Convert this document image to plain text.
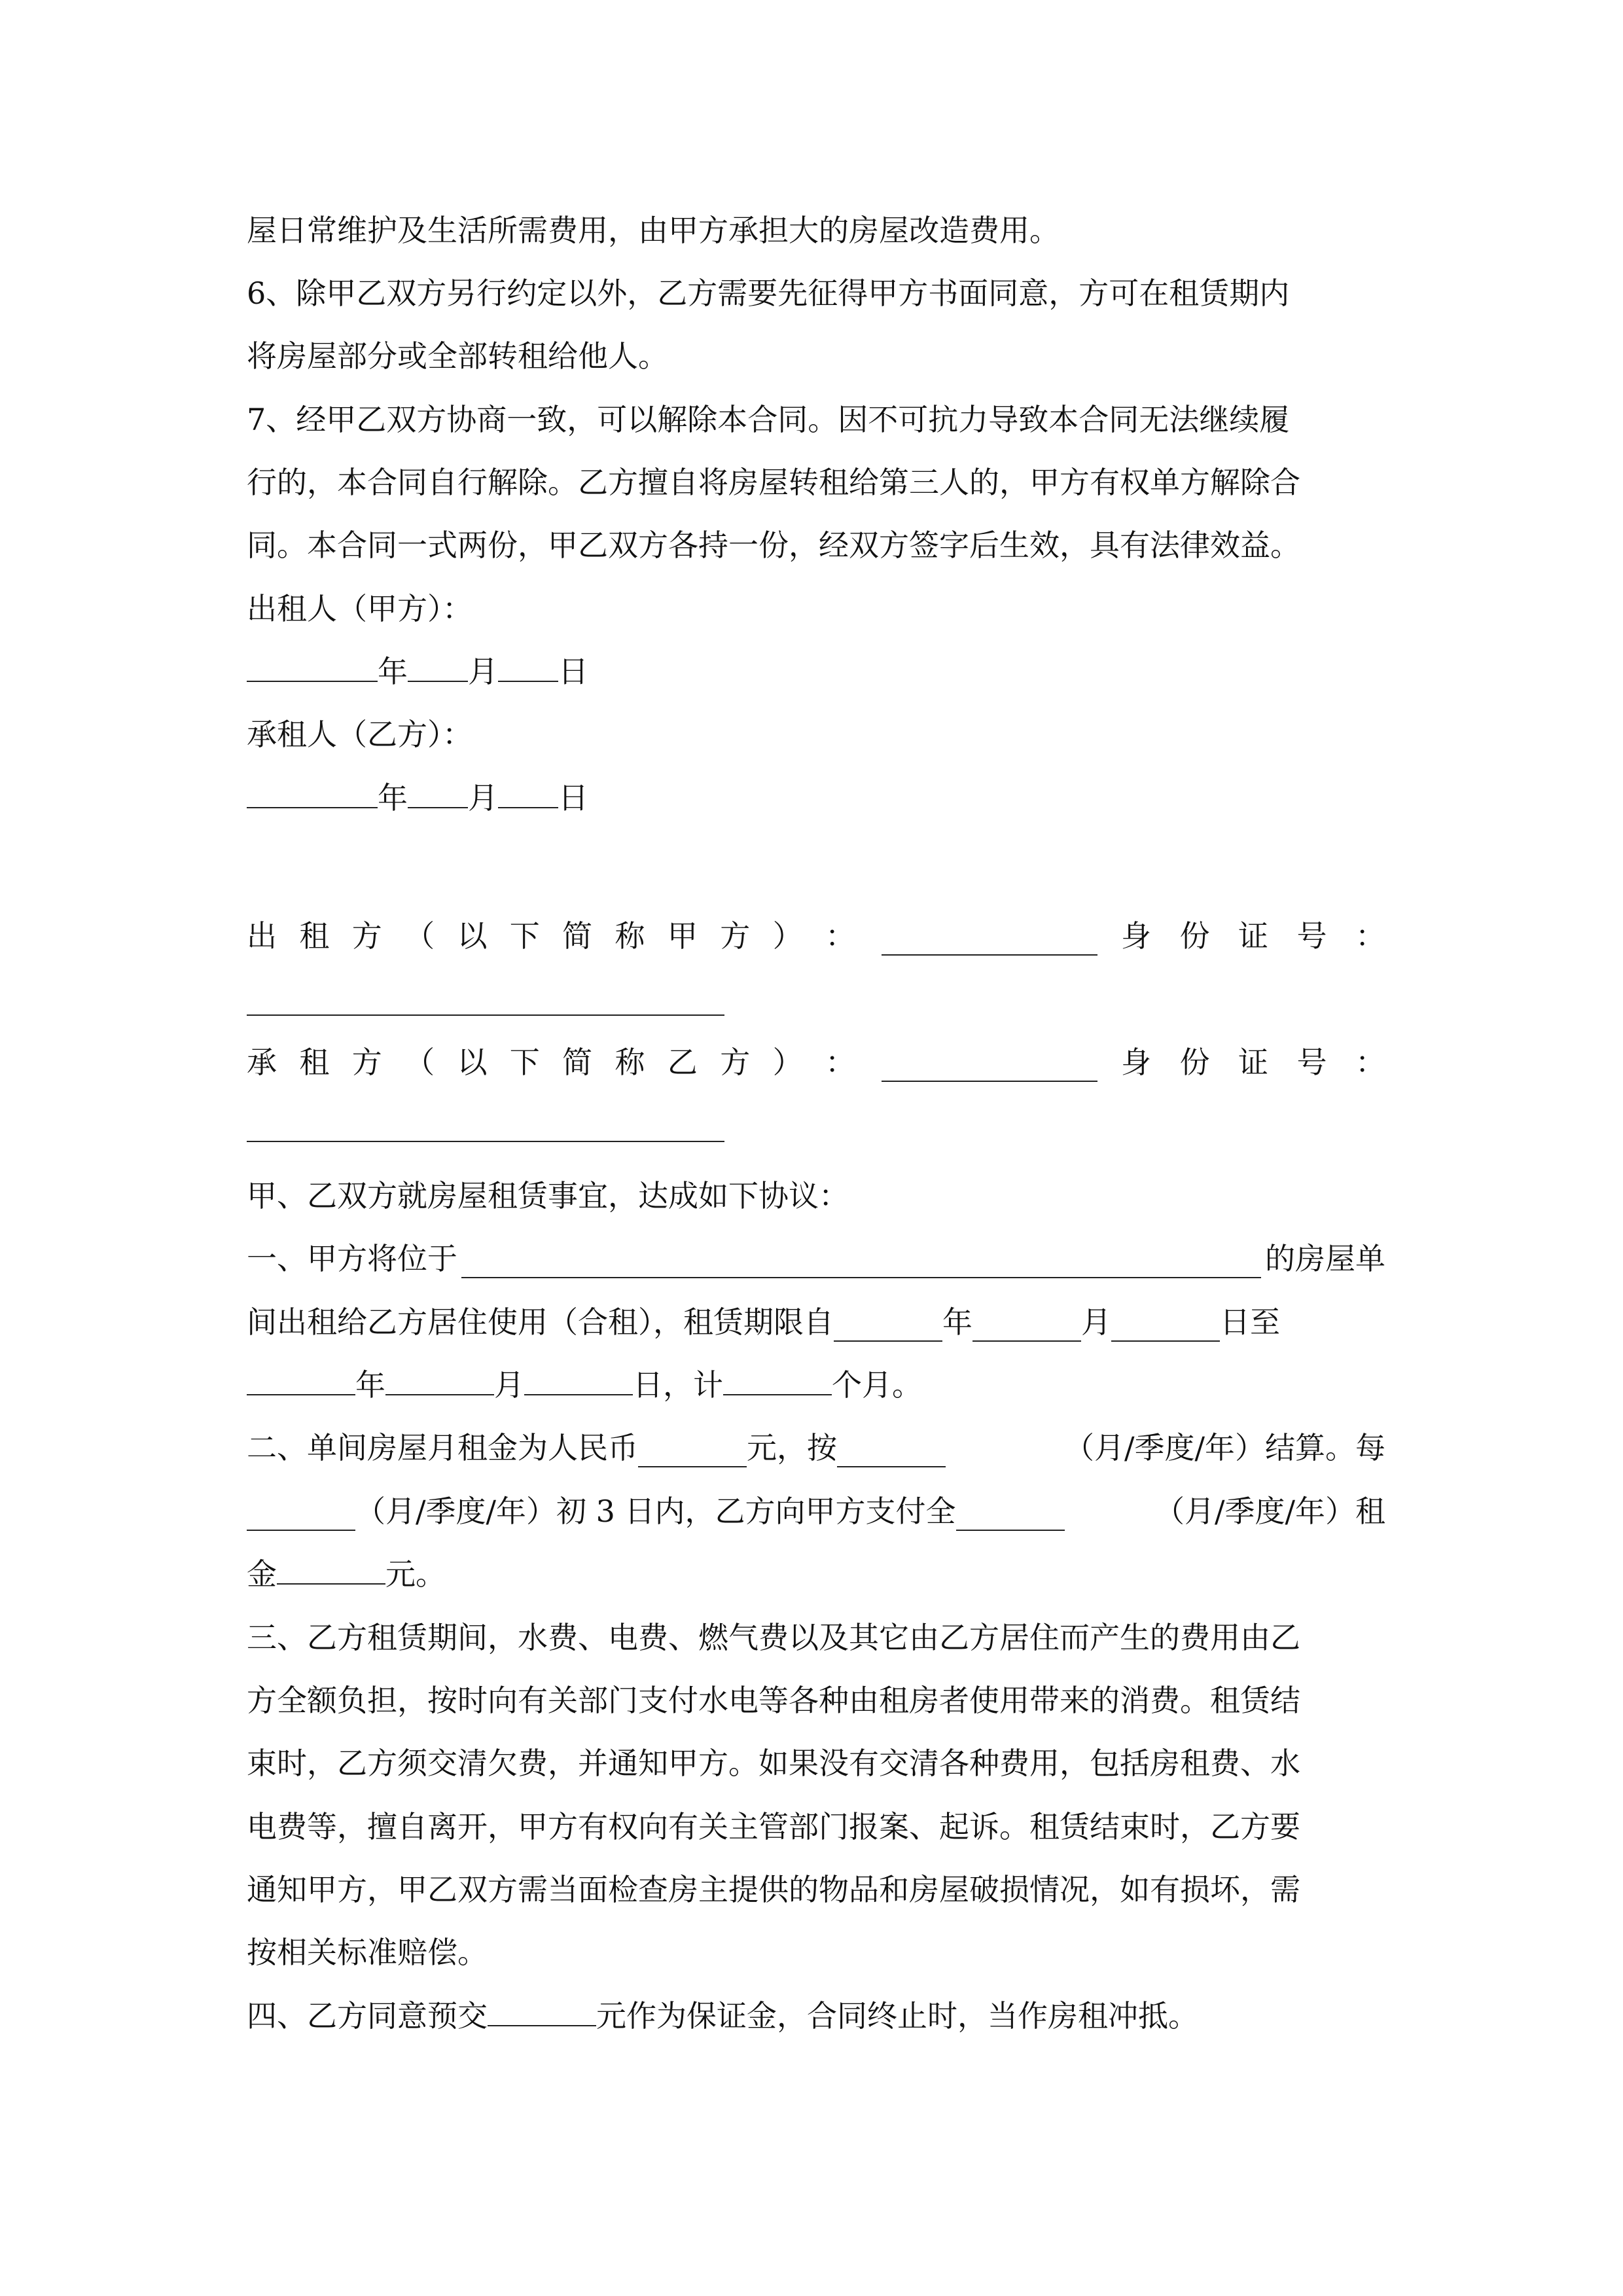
屋日常维护及生活所需费用，由甲方承担大的房屋改造费用。
6、除甲乙双方另行约定以外，乙方需要先征得甲方书面同意，方可在租赁期内
将房屋部分或全部转租给他人。
7、经甲乙双方协商一致，可以解除本合同。因不可抗力导致本合同无法继续履
行的，本合同自行解除。乙方擅自将房屋转租给第三人的，甲方有权单方解除合
同。本合同一式两份，甲乙双方各持一份，经双方签字后生效，具有法律效益。
出租人（甲方）：
年 月 日
承租人（乙方）：
年 月 日
出 租 方 （ 以 下 简 称 甲 方 ） ：	身 份 证 号 ：
承 租 方 （ 以 下 简 称 乙 方 ） ：	身 份 证 号 ：
甲、乙双方就房屋租赁事宜，达成如下协议：
一、甲方将位于	的房屋单
间出租给乙方居住使用（合租），租赁期限自	年	月	日至
年	月	日，计	个月。
二、单间房屋月租金为人民币	元，按	（月/季度/年）结算。每
（月/季度/年）初 3 日内，乙方向甲方支付全	（月/季度/年）租
金	元。
三、乙方租赁期间，水费、电费、燃气费以及其它由乙方居住而产生的费用由乙
方全额负担，按时向有关部门支付水电等各种由租房者使用带来的消费。租赁结
束时，乙方须交清欠费，并通知甲方。如果没有交清各种费用，包括房租费、水
电费等，擅自离开，甲方有权向有关主管部门报案、起诉。租赁结束时，乙方要
通知甲方，甲乙双方需当面检查房主提供的物品和房屋破损情况，如有损坏，需
按相关标准赔偿。
四、乙方同意预交	元作为保证金，合同终止时，当作房租冲抵。
